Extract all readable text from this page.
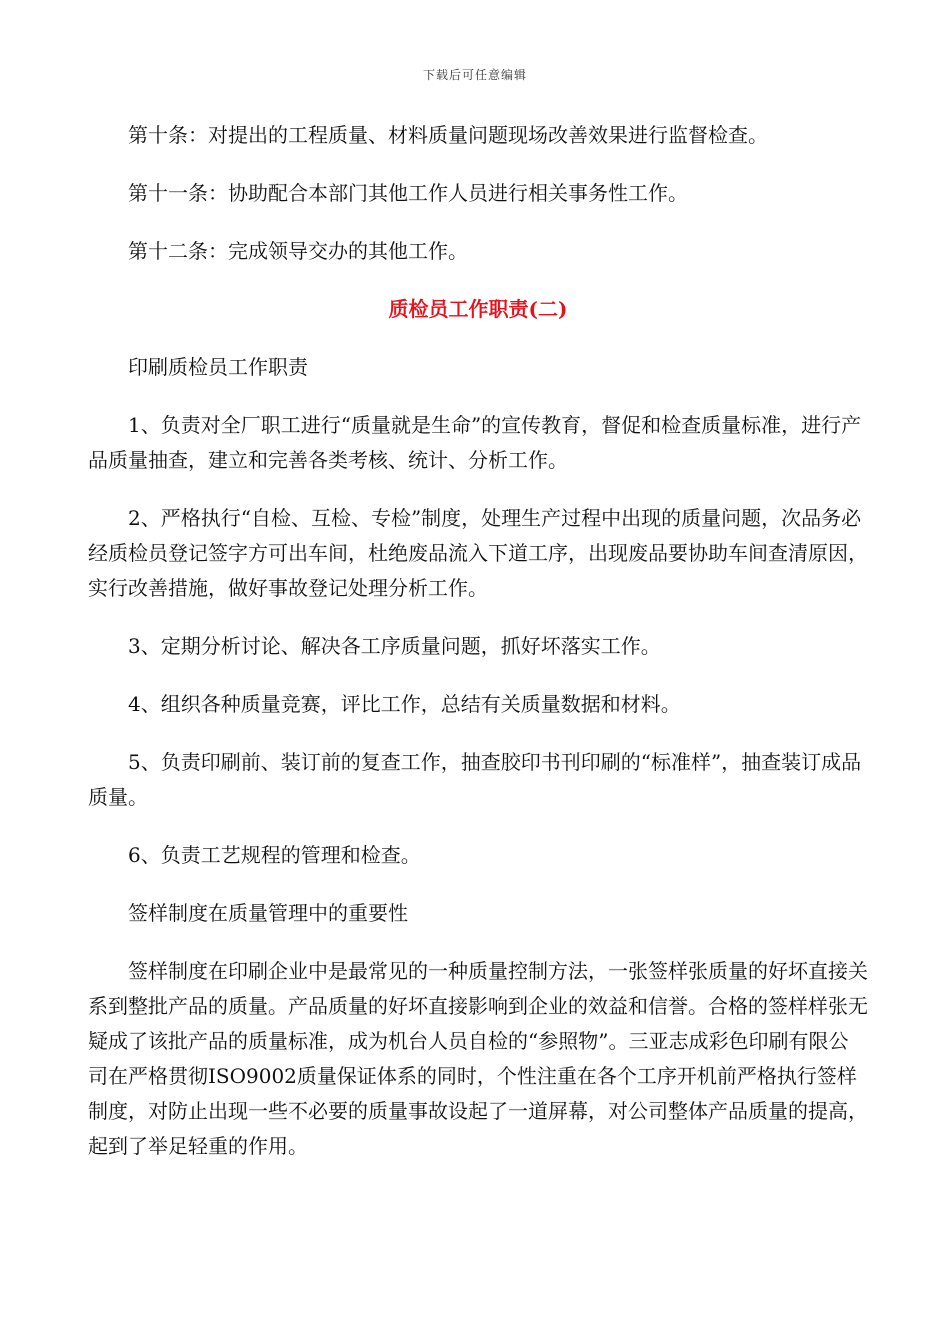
下载后可任意编辑

第十条：对提出的工程质量、材料质量问题现场改善效果进行监督检查。

第十一条：协助配合本部门其他工作人员进行相关事务性工作。

第十二条：完成领导交办的其他工作。

质检员工作职责(二)

印刷质检员工作职责

1、负责对全厂职工进行“质量就是生命”的宣传教育，督促和检查质量标准，进行产品质量抽查，建立和完善各类考核、统计、分析工作。

2、严格执行“自检、互检、专检”制度，处理生产过程中出现的质量问题，次品务必经质检员登记签字方可出车间，杜绝废品流入下道工序，出现废品要协助车间查清原因，实行改善措施，做好事故登记处理分析工作。

3、定期分析讨论、解决各工序质量问题，抓好坏落实工作。

4、组织各种质量竞赛，评比工作，总结有关质量数据和材料。

5、负责印刷前、装订前的复查工作，抽查胶印书刊印刷的“标准样”，抽查装订成品质量。

6、负责工艺规程的管理和检查。

签样制度在质量管理中的重要性

签样制度在印刷企业中是最常见的一种质量控制方法，一张签样张质量的好坏直接关系到整批产品的质量。产品质量的好坏直接影响到企业的效益和信誉。合格的签样样张无疑成了该批产品的质量标准，成为机台人员自检的“参照物”。三亚志成彩色印刷有限公司在严格贯彻ISO9002质量保证体系的同时，个性注重在各个工序开机前严格执行签样制度，对防止出现一些不必要的质量事故设起了一道屏幕，对公司整体产品质量的提高，起到了举足轻重的作用。
